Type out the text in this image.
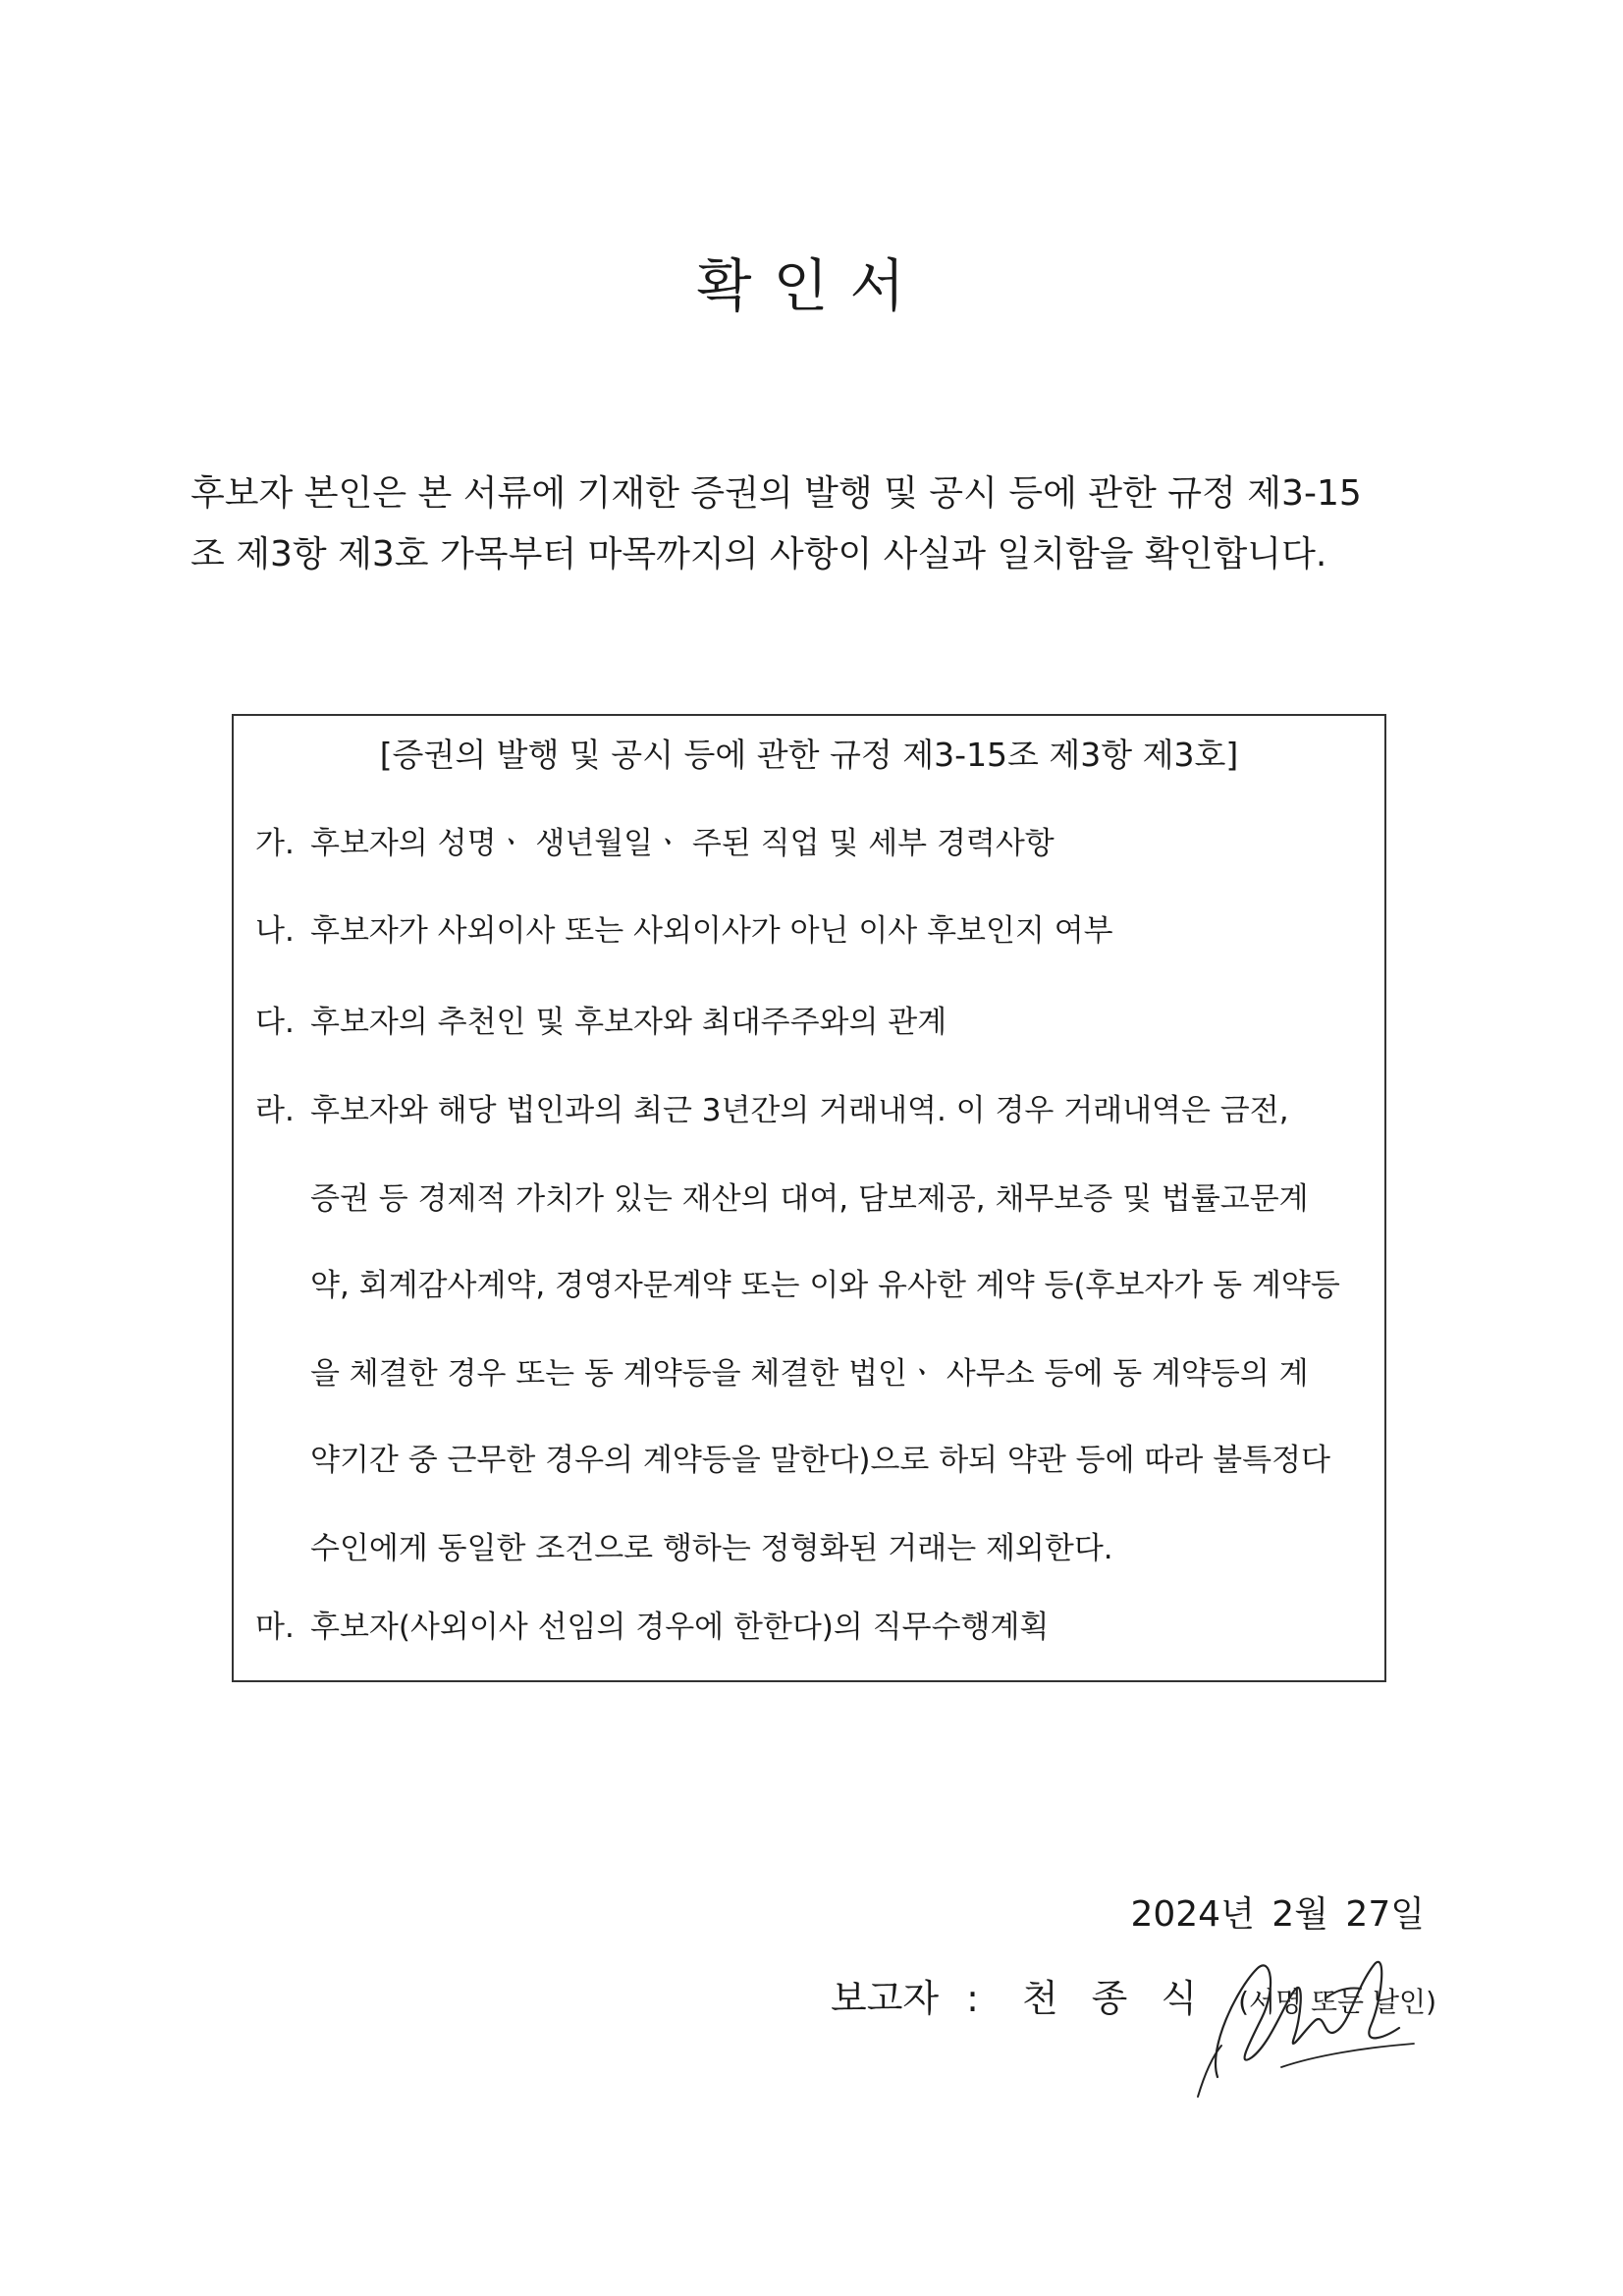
확인서

후보자 본인은 본 서류에 기재한 증권의 발행 및 공시 등에 관한 규정 제3-15

조 제3항 제3호 가목부터 마목까지의 사항이 사실과 일치함을 확인합니다.

[증권의 발행 및 공시 등에 관한 규정 제3-15조 제3항 제3호]
가. 후보자의 성명ㆍ 생년월일ㆍ 주된 직업 및 세부 경력사항
나. 후보자가 사외이사 또는 사외이사가 아닌 이사 후보인지 여부
다. 후보자의 추천인 및 후보자와 최대주주와의 관계
라. 후보자와 해당 법인과의 최근 3년간의 거래내역. 이 경우 거래내역은 금전,
증권 등 경제적 가치가 있는 재산의 대여, 담보제공, 채무보증 및 법률고문계
약, 회계감사계약, 경영자문계약 또는 이와 유사한 계약 등(후보자가 동 계약등
을 체결한 경우 또는 동 계약등을 체결한 법인ㆍ 사무소 등에 동 계약등의 계
약기간 중 근무한 경우의 계약등을 말한다)으로 하되 약관 등에 따라 불특정다
수인에게 동일한 조건으로 행하는 정형화된 거래는 제외한다.
마. 후보자(사외이사 선임의 경우에 한한다)의 직무수행계획
2024년 2월 27일
보고자 : 천종식 (서명 또는 날인)
